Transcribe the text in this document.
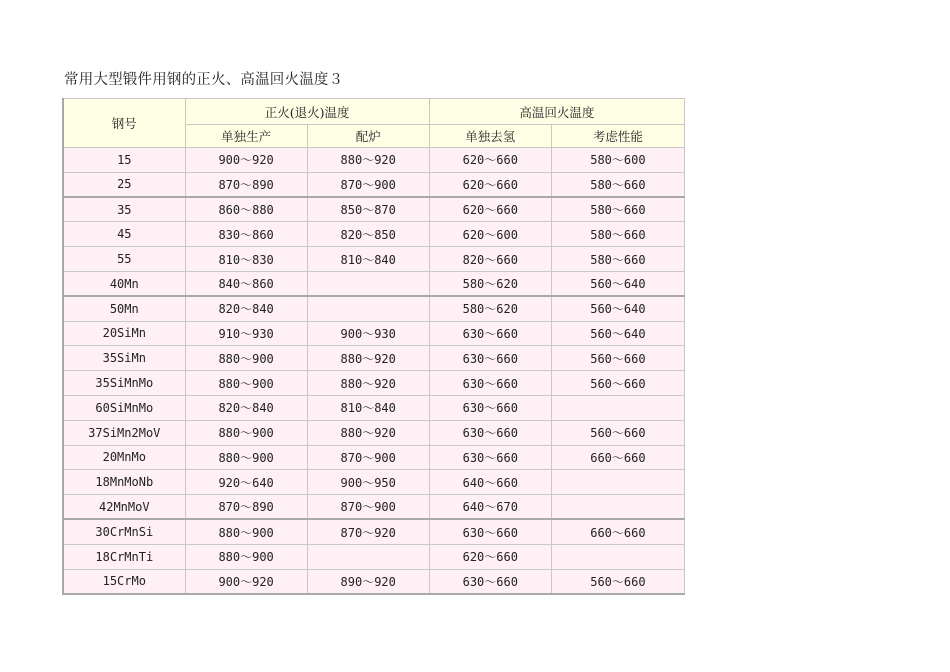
常用大型锻件用钢的正火、高温回火温度３
钢号	正火(退火)温度		高温回火温度	
	单独生产	配炉	单独去氢	考虑性能
15	900～920	880～920	620～660	580～600
25	870～890	870～900	620～660	580～660
35	860～880	850～870	620～660	580～660
45	830～860	820～850	620～600	580～660
55	810～830	810～840	820～660	580～660
40Mn	840～860		580～620	560～640
50Mn	820～840		580～620	560～640
20SiMn	910～930	900～930	630～660	560～640
35SiMn	880～900	880～920	630～660	560～660
35SiMnMo	880～900	880～920	630～660	560～660
60SiMnMo	820～840	810～840	630～660	
37SiMn2MoV	880～900	880～920	630～660	560～660
20MnMo	880～900	870～900	630～660	660～660
18MnMoNb	920～640	900～950	640～660	
42MnMoV	870～890	870～900	640～670	
30CrMnSi	880～900	870～920	630～660	660～660
18CrMnTi	880～900		620～660	
15CrMo	900～920	890～920	630～660	560～660
